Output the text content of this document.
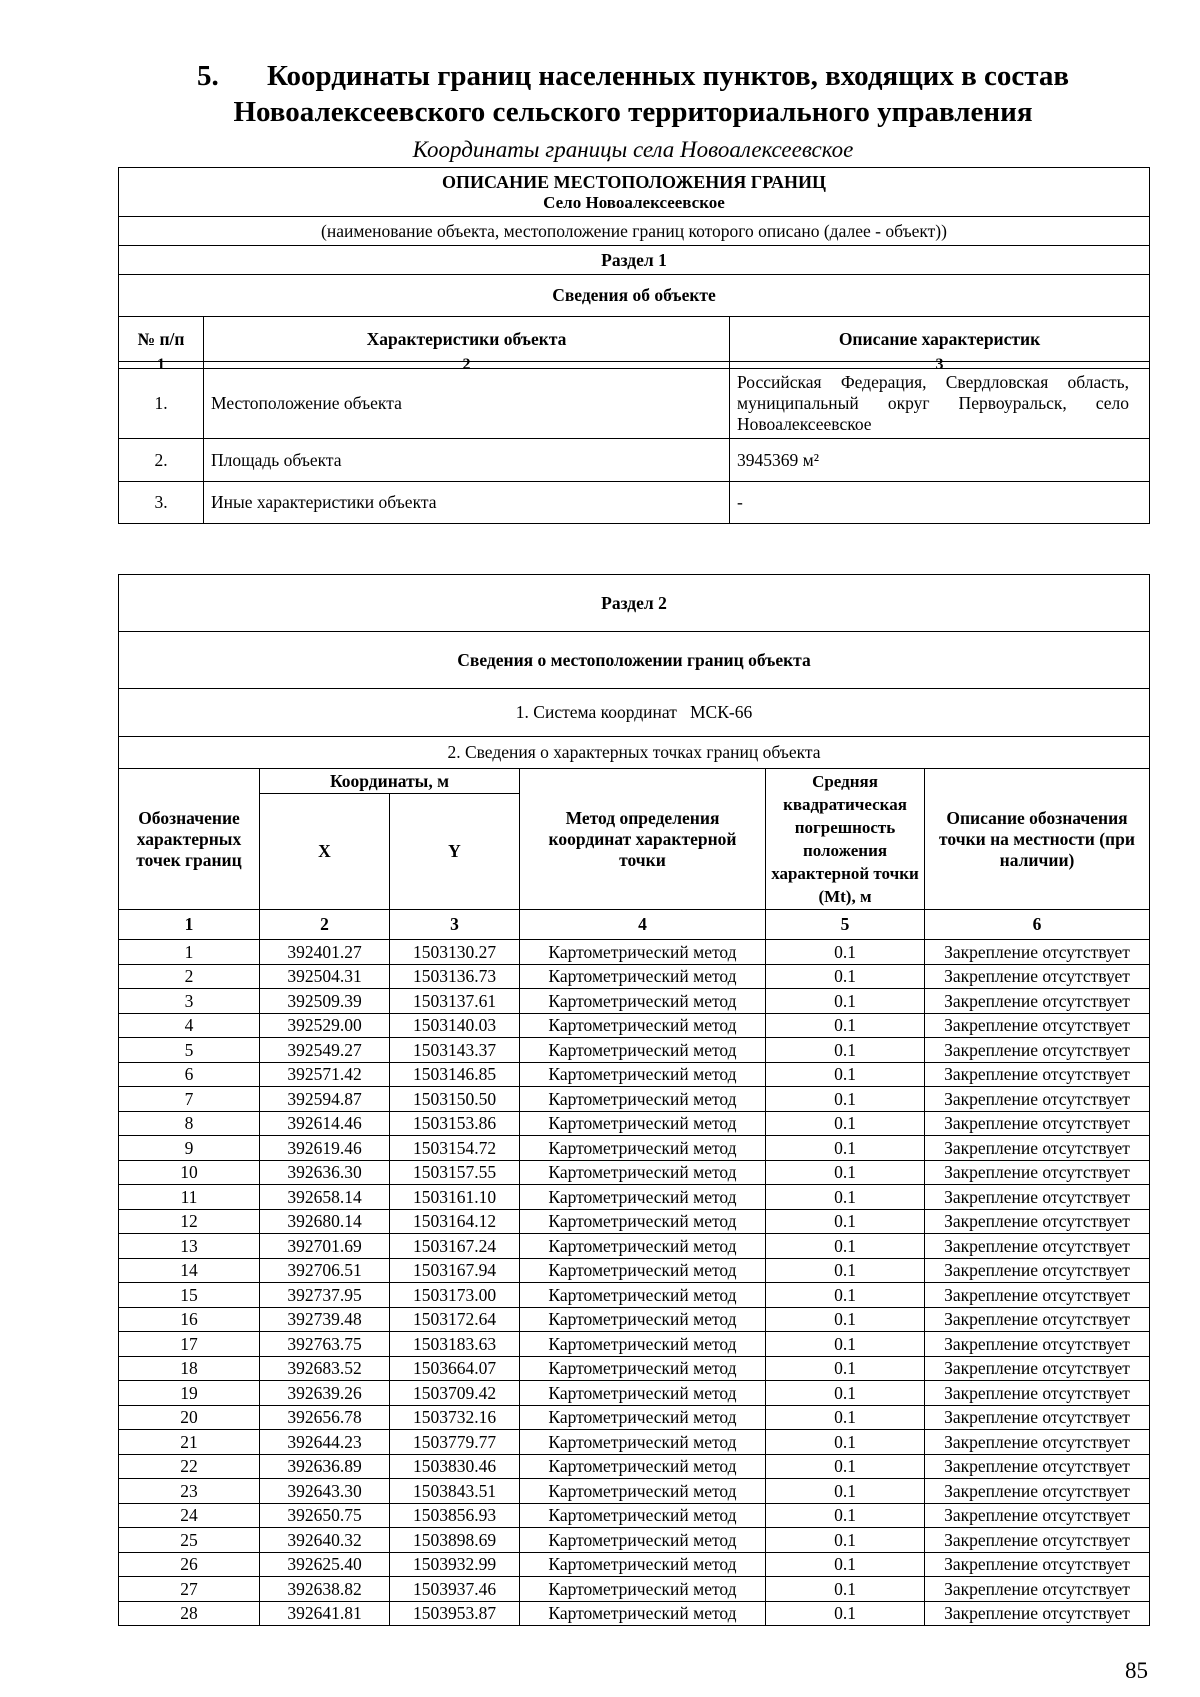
5. Координаты границ населенных пунктов, входящих в состав
Новоалексеевского сельского территориального управления
Координаты границы села Новоалексеевское
ОПИСАНИЕ МЕСТОПОЛОЖЕНИЯ ГРАНИЦ
Село Новоалексеевское		

(наименование объекта, местоположение границ которого описано (далее - объект))		
Раздел 1		
Сведения об объекте		
№ п/п	Характеристики объекта	Описание характеристик
1	2	3
1.	Местоположение объекта	Российская Федерация, Свердловская область, муниципальный округ Первоуральск, село Новоалексеевское
2.	Площадь объекта	3945369 м²
3.	Иные характеристики объекта	-
Раздел 2					
Сведения о местоположении границ объекта					
1. Система координат   МСК-66					
2. Сведения о характерных точках границ объекта					
Обозначение характерных точек границ	Координаты, м		Метод определения координат характерной точки	Средняя квадратическая погрешность положения характерной точки (Mt), м	Описание обозначения точки на местности (при наличии)
	X	Y			
1	2	3	4	5	6
1	392401.27	1503130.27	Картометрический метод	0.1	Закрепление отсутствует
2	392504.31	1503136.73	Картометрический метод	0.1	Закрепление отсутствует
3	392509.39	1503137.61	Картометрический метод	0.1	Закрепление отсутствует
4	392529.00	1503140.03	Картометрический метод	0.1	Закрепление отсутствует
5	392549.27	1503143.37	Картометрический метод	0.1	Закрепление отсутствует
6	392571.42	1503146.85	Картометрический метод	0.1	Закрепление отсутствует
7	392594.87	1503150.50	Картометрический метод	0.1	Закрепление отсутствует
8	392614.46	1503153.86	Картометрический метод	0.1	Закрепление отсутствует
9	392619.46	1503154.72	Картометрический метод	0.1	Закрепление отсутствует
10	392636.30	1503157.55	Картометрический метод	0.1	Закрепление отсутствует
11	392658.14	1503161.10	Картометрический метод	0.1	Закрепление отсутствует
12	392680.14	1503164.12	Картометрический метод	0.1	Закрепление отсутствует
13	392701.69	1503167.24	Картометрический метод	0.1	Закрепление отсутствует
14	392706.51	1503167.94	Картометрический метод	0.1	Закрепление отсутствует
15	392737.95	1503173.00	Картометрический метод	0.1	Закрепление отсутствует
16	392739.48	1503172.64	Картометрический метод	0.1	Закрепление отсутствует
17	392763.75	1503183.63	Картометрический метод	0.1	Закрепление отсутствует
18	392683.52	1503664.07	Картометрический метод	0.1	Закрепление отсутствует
19	392639.26	1503709.42	Картометрический метод	0.1	Закрепление отсутствует
20	392656.78	1503732.16	Картометрический метод	0.1	Закрепление отсутствует
21	392644.23	1503779.77	Картометрический метод	0.1	Закрепление отсутствует
22	392636.89	1503830.46	Картометрический метод	0.1	Закрепление отсутствует
23	392643.30	1503843.51	Картометрический метод	0.1	Закрепление отсутствует
24	392650.75	1503856.93	Картометрический метод	0.1	Закрепление отсутствует
25	392640.32	1503898.69	Картометрический метод	0.1	Закрепление отсутствует
26	392625.40	1503932.99	Картометрический метод	0.1	Закрепление отсутствует
27	392638.82	1503937.46	Картометрический метод	0.1	Закрепление отсутствует
28	392641.81	1503953.87	Картометрический метод	0.1	Закрепление отсутствует
85
